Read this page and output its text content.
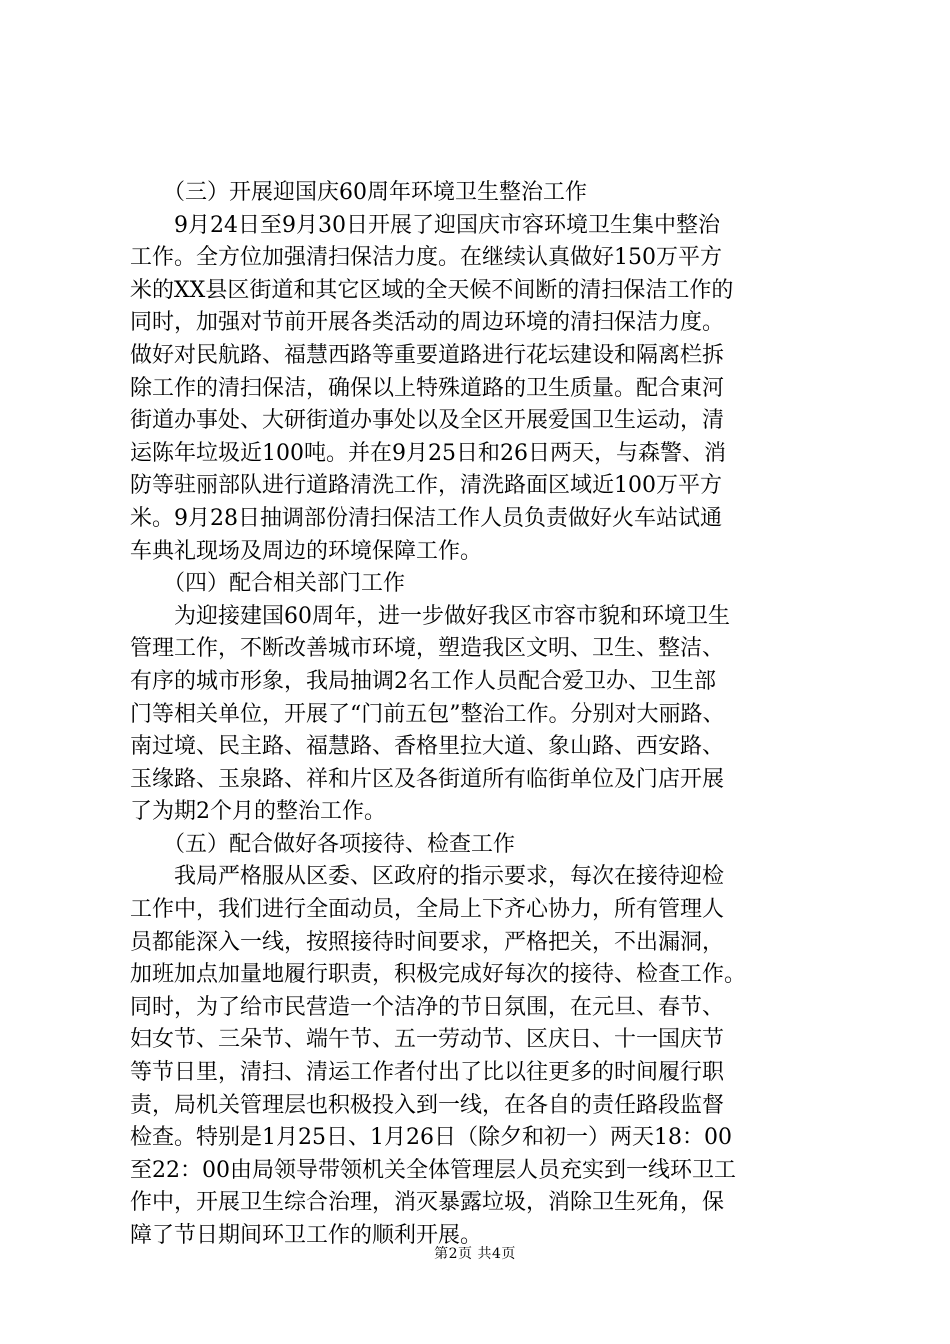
　　（三）开展迎国庆60周年环境卫生整治工作
　　9月24日至9月30日开展了迎国庆市容环境卫生集中整治
工作。全方位加强清扫保洁力度。在继续认真做好150万平方
米的XX县区街道和其它区域的全天候不间断的清扫保洁工作的
同时，加强对节前开展各类活动的周边环境的清扫保洁力度。
做好对民航路、福慧西路等重要道路进行花坛建设和隔离栏拆
除工作的清扫保洁，确保以上特殊道路的卫生质量。配合東河
街道办事处、大研街道办事处以及全区开展爱国卫生运动，清
运陈年垃圾近100吨。并在9月25日和26日两天，与森警、消
防等驻丽部队进行道路清洗工作，清洗路面区域近100万平方
米。9月28日抽调部份清扫保洁工作人员负责做好火车站试通
车典礼现场及周边的环境保障工作。
　　（四）配合相关部门工作
　　为迎接建国60周年，进一步做好我区市容市貌和环境卫生
管理工作，不断改善城市环境，塑造我区文明、卫生、整洁、
有序的城市形象，我局抽调2名工作人员配合爱卫办、卫生部
门等相关单位，开展了“门前五包”整治工作。分别对大丽路、
南过境、民主路、福慧路、香格里拉大道、象山路、西安路、
玉缘路、玉泉路、祥和片区及各街道所有临街单位及门店开展
了为期2个月的整治工作。
　　（五）配合做好各项接待、检查工作
　　我局严格服从区委、区政府的指示要求，每次在接待迎检
工作中，我们进行全面动员，全局上下齐心协力，所有管理人
员都能深入一线，按照接待时间要求，严格把关，不出漏洞，
加班加点加量地履行职责，积极完成好每次的接待、检查工作。
同时，为了给市民营造一个洁净的节日氛围，在元旦、春节、
妇女节、三朵节、端午节、五一劳动节、区庆日、十一国庆节
等节日里，清扫、清运工作者付出了比以往更多的时间履行职
责，局机关管理层也积极投入到一线，在各自的责任路段监督
检查。特别是1月25日、1月26日（除夕和初一）两天18：00
至22：00由局领导带领机关全体管理层人员充实到一线环卫工
作中，开展卫生综合治理，消灭暴露垃圾，消除卫生死角，保
障了节日期间环卫工作的顺利开展。
第2页 共4页
